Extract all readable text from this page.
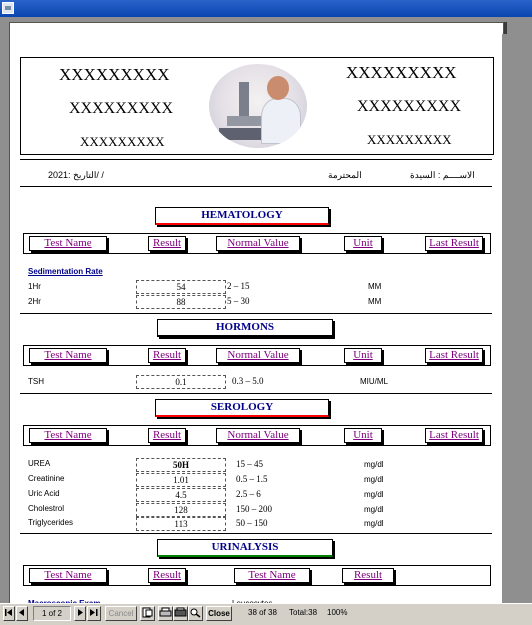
XXXXXXXXX
XXXXXXXXX
XXXXXXXXX
XXXXXXXXX
XXXXXXXXX
XXXXXXXXX
التاريخ :2021/ /	المحترمة	الاســــم : السيدة
HEMATOLOGY
Test Name	Result	Normal Value	Unit	Last Result
Sedimentation Rate
1Hr	54	2 – 15	MM
2Hr	88	5 – 30	MM
HORMONS
Test Name	Result	Normal Value	Unit	Last Result
TSH	0.1	0.3 – 5.0	MIU/ML
SEROLOGY
Test Name	Result	Normal Value	Unit	Last Result
UREA	50H	15 – 45	mg/dl
Creatinine	1.01	0.5 – 1.5	mg/dl
Uric Acid	4.5	2.5 – 6	mg/dl
Cholestrol	128	150 – 200	mg/dl
Triglycerides	113	50 – 150	mg/dl
URINALYSIS
Test Name	Result	Test Name	Result
1 of 2	Cancel	Close 38 of 38 Total:38 100%
